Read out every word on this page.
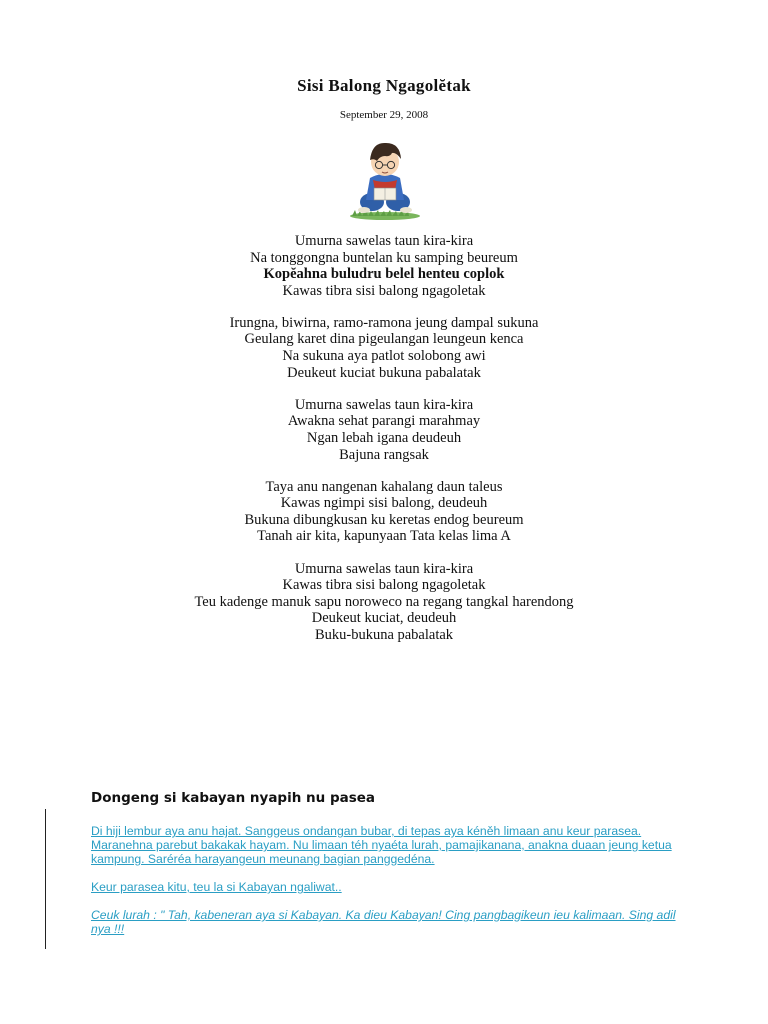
Sisi Balong Ngagolĕtak
September 29, 2008
Umurna sawelas taun kira-kira
Na tonggongna buntelan ku samping beureum
Kopĕahna buludru belel henteu coplok
Kawas tibra sisi balong ngagoletak
Irungna, biwirna, ramo-ramona jeung dampal sukuna
Geulang karet dina pigeulangan leungeun kenca
Na sukuna aya patlot solobong awi
Deukeut kuciat bukuna pabalatak
Umurna sawelas taun kira-kira
Awakna sehat parangi marahmay
Ngan lebah igana deudeuh
Bajuna rangsak
Taya anu nangenan kahalang daun taleus
Kawas ngimpi sisi balong, deudeuh
Bukuna dibungkusan ku keretas endog beureum
Tanah air kita, kapunyaan Tata kelas lima A
Umurna sawelas taun kira-kira
Kawas tibra sisi balong ngagoletak
Teu kadenge manuk sapu noroweco na regang tangkal harendong
Deukeut kuciat, deudeuh
Buku-bukuna pabalatak
Dongeng si kabayan nyapih nu pasea
Di hiji lembur aya anu hajat. Sanggeus ondangan bubar, di tepas aya kéněh limaan anu keur parasea. Maranehna parebut bakakak hayam. Nu limaan téh nyaéta lurah, pamajikanana, anakna duaan jeung ketua kampung. Saréréa harayangeun meunang bagian panggedéna.
Keur parasea kitu, teu la si Kabayan ngaliwat..
Ceuk lurah : " Tah, kabeneran aya si Kabayan. Ka dieu Kabayan! Cing pangbagikeun ieu kalimaan. Sing adil nya !!!
